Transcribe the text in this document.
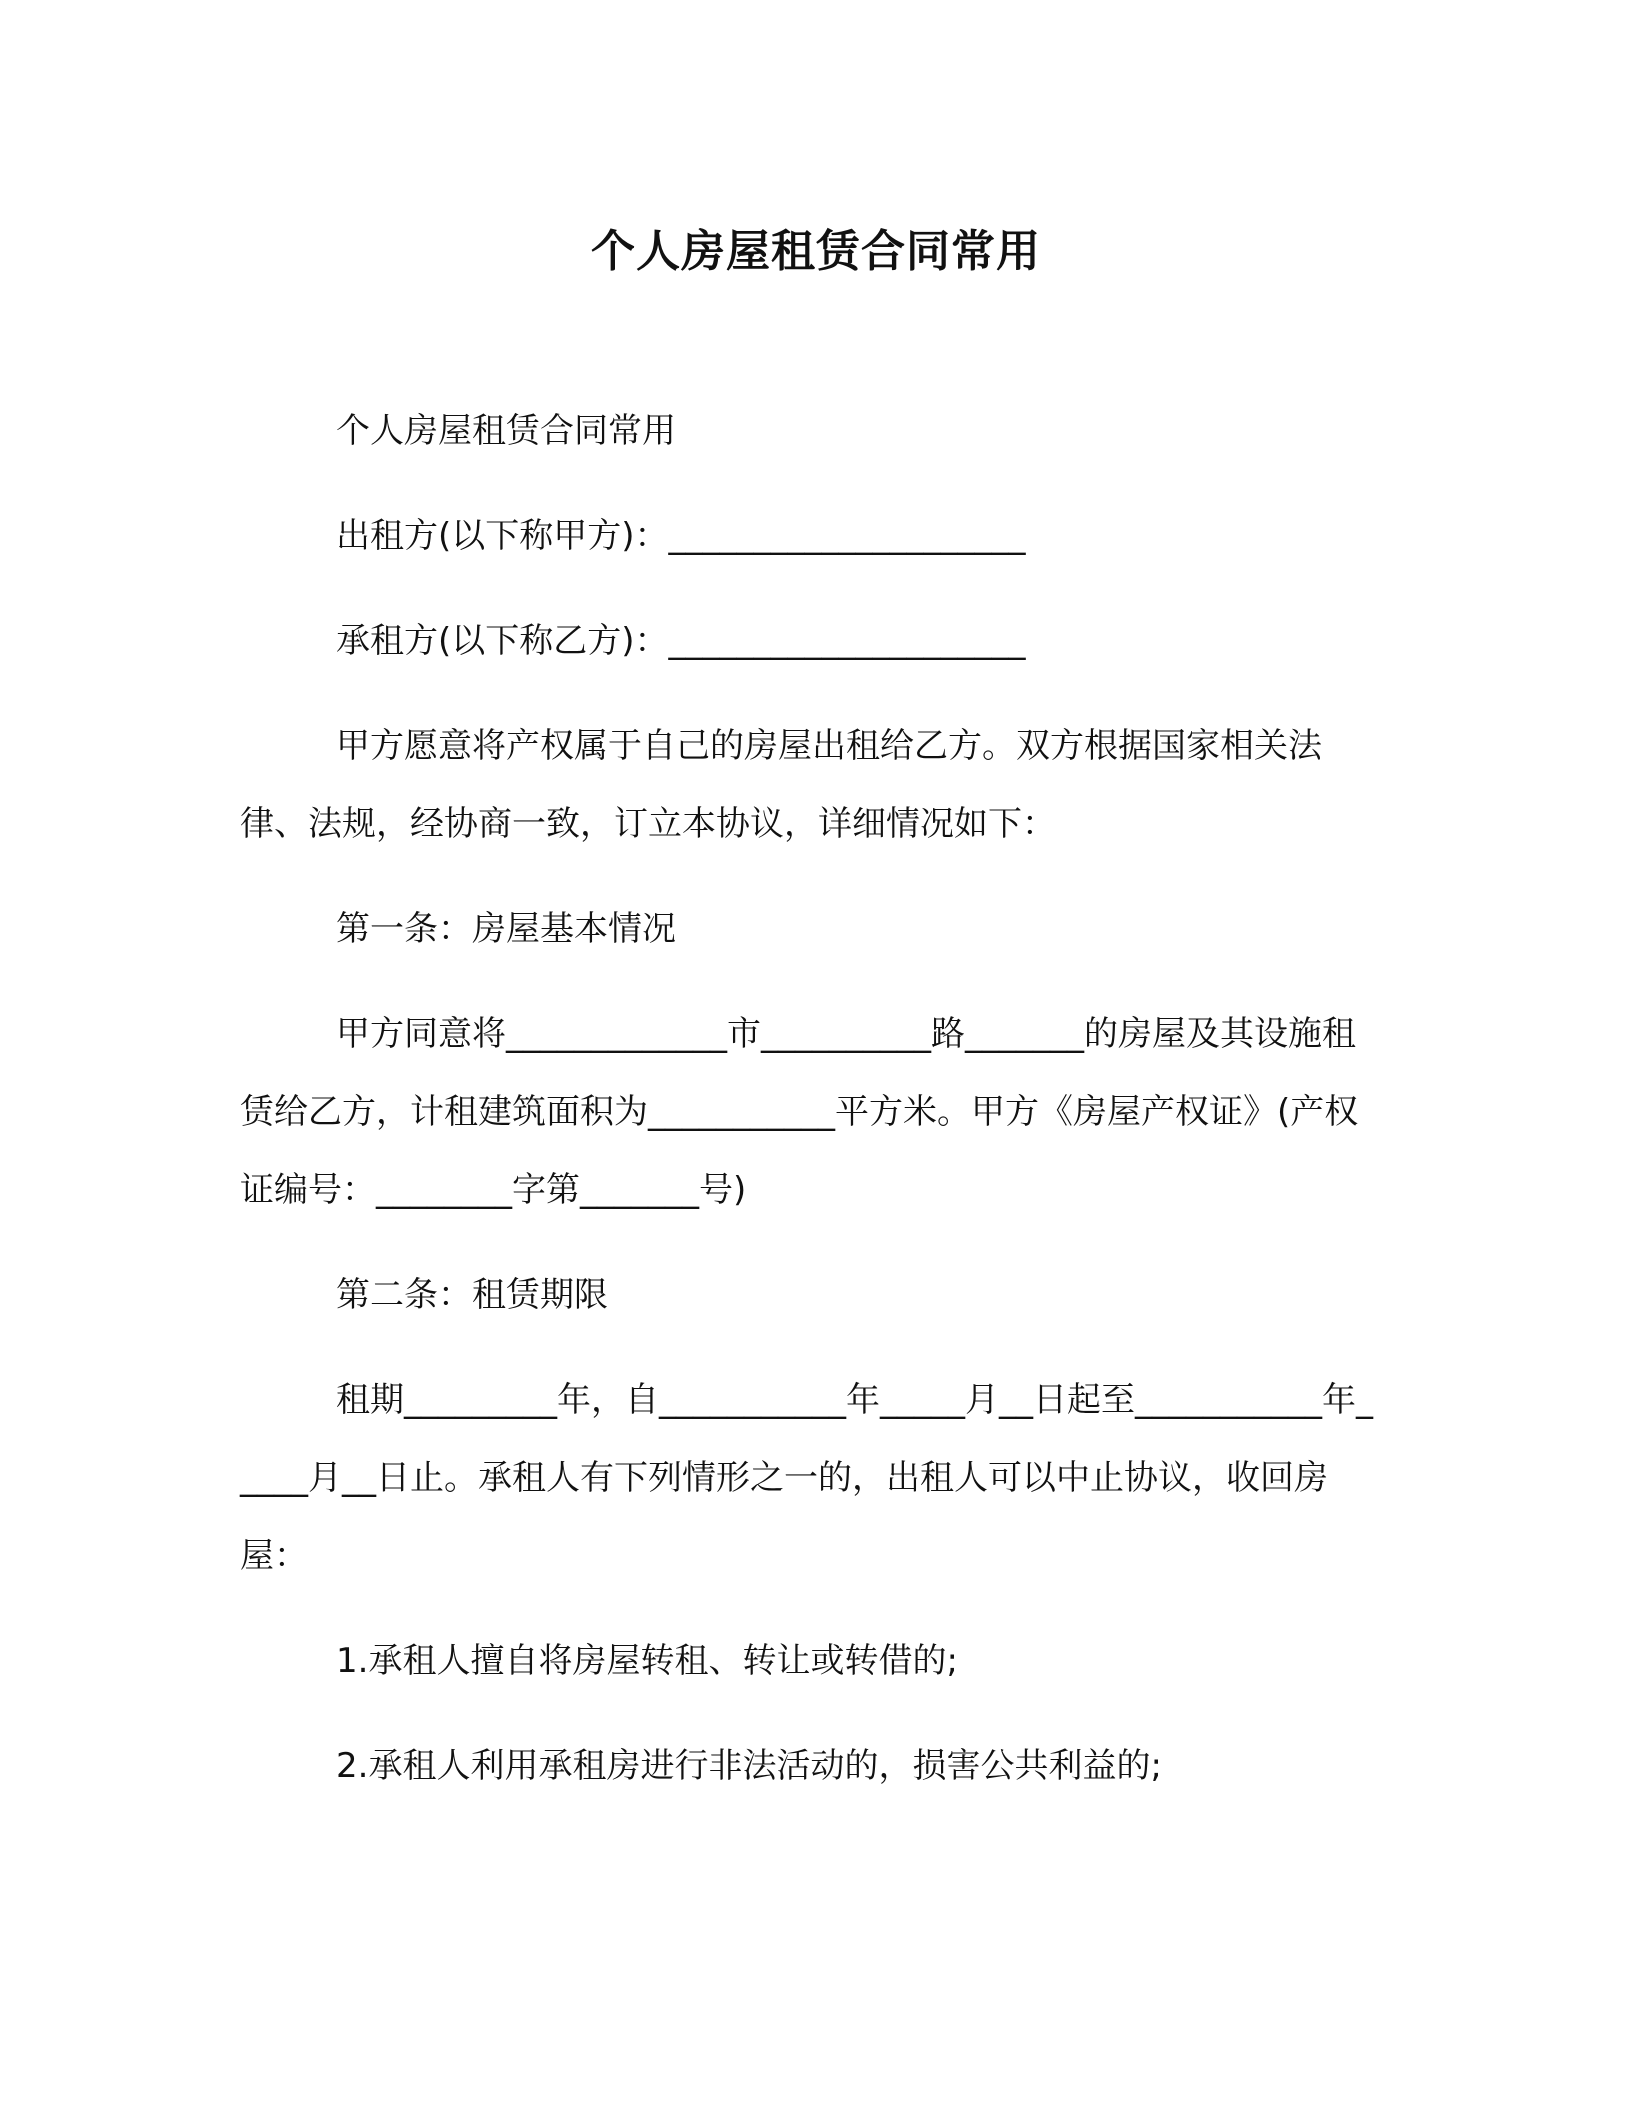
个人房屋租赁合同常用

个人房屋租赁合同常用

出租方(以下称甲方)：_____________________

承租方(以下称乙方)：_____________________

甲方愿意将产权属于自己的房屋出租给乙方。双方根据国家相关法律、法规，经协商一致，订立本协议，详细情况如下：

第一条：房屋基本情况

甲方同意将_____________市__________路_______的房屋及其设施租赁给乙方，计租建筑面积为___________平方米。甲方《房屋产权证》(产权证编号：________字第_______号)

第二条：租赁期限

租期_________年，自___________年_____月__日起至___________年_____月__日止。承租人有下列情形之一的，出租人可以中止协议，收回房屋：

1.承租人擅自将房屋转租、转让或转借的;

2.承租人利用承租房进行非法活动的，损害公共利益的;
